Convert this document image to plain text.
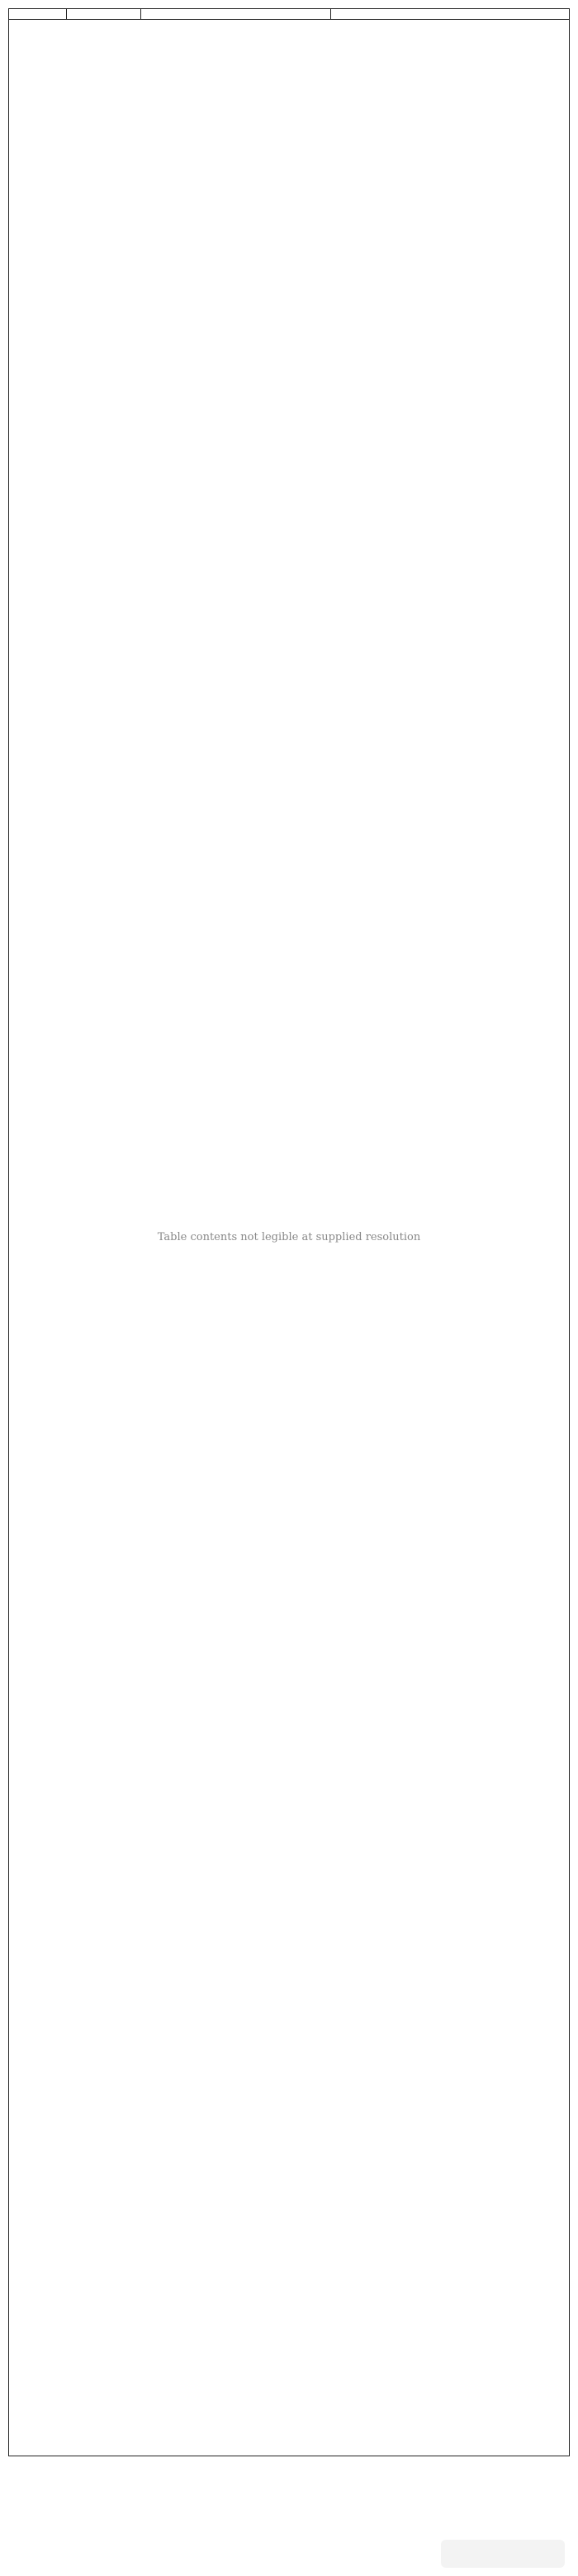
Table contents not legible at supplied resolution
